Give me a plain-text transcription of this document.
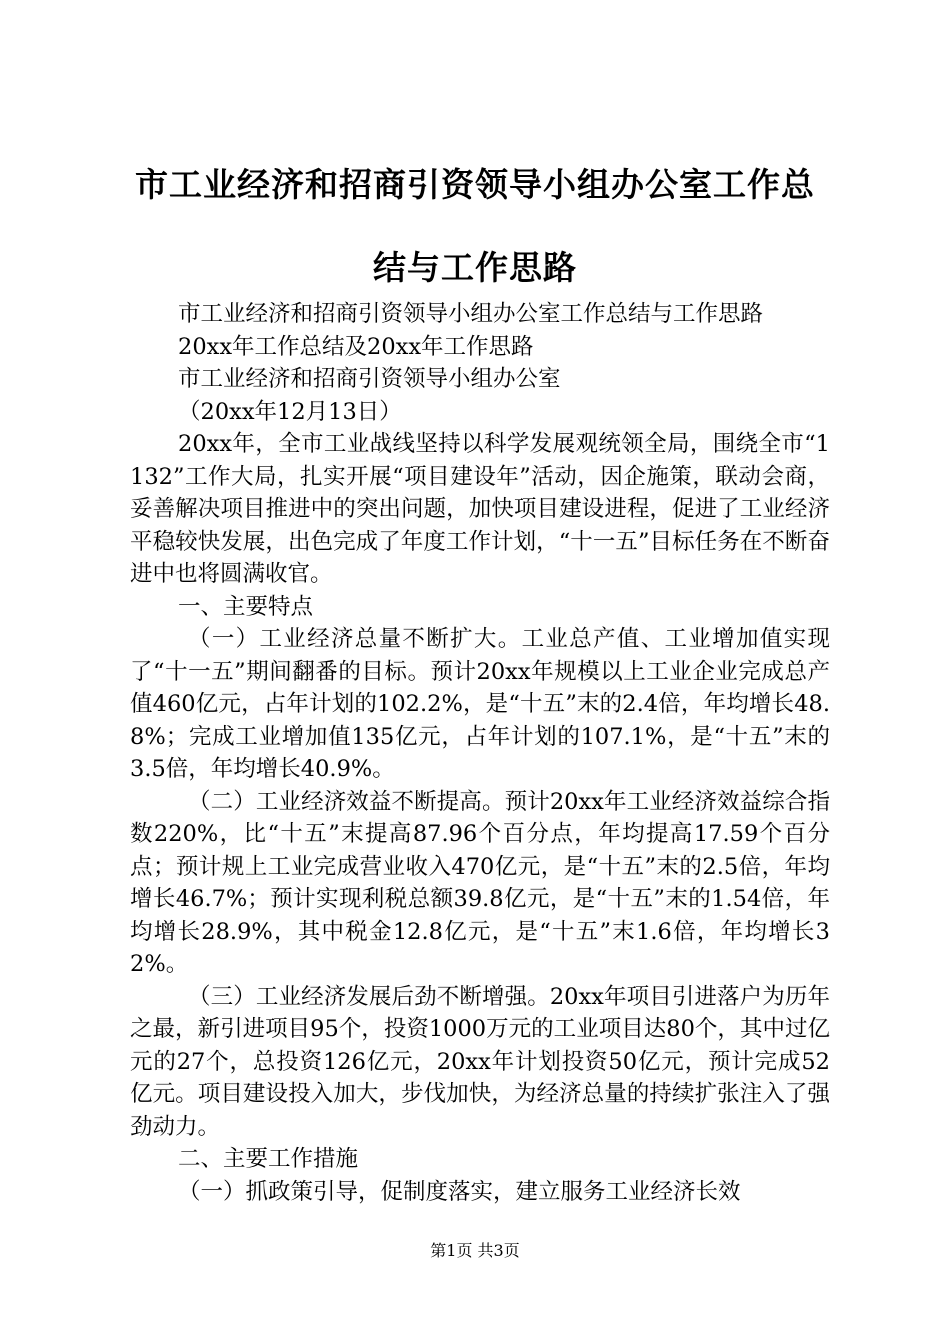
市工业经济和招商引资领导小组办公室工作总
结与工作思路

市工业经济和招商引资领导小组办公室工作总结与工作思路

20xx年工作总结及20xx年工作思路

市工业经济和招商引资领导小组办公室

（20xx年12月13日）

20xx年，全市工业战线坚持以科学发展观统领全局，围绕全市“1132”工作大局，扎实开展“项目建设年”活动，因企施策，联动会商，妥善解决项目推进中的突出问题，加快项目建设进程，促进了工业经济平稳较快发展，出色完成了年度工作计划，“十一五”目标任务在不断奋进中也将圆满收官。

一、主要特点

（一）工业经济总量不断扩大。工业总产值、工业增加值实现了“十一五”期间翻番的目标。预计20xx年规模以上工业企业完成总产值460亿元，占年计划的102.2%，是“十五”末的2.4倍，年均增长48.8%；完成工业增加值135亿元，占年计划的107.1%，是“十五”末的3.5倍，年均增长40.9%。

（二）工业经济效益不断提高。预计20xx年工业经济效益综合指数220%，比“十五”末提高87.96个百分点，年均提高17.59个百分点；预计规上工业完成营业收入470亿元，是“十五”末的2.5倍，年均增长46.7%；预计实现利税总额39.8亿元，是“十五”末的1.54倍，年均增长28.9%，其中税金12.8亿元，是“十五”末1.6倍，年均增长32%。

（三）工业经济发展后劲不断增强。20xx年项目引进落户为历年之最，新引进项目95个，投资1000万元的工业项目达80个，其中过亿元的27个，总投资126亿元，20xx年计划投资50亿元，预计完成52亿元。项目建设投入加大，步伐加快，为经济总量的持续扩张注入了强劲动力。

二、主要工作措施

（一）抓政策引导，促制度落实，建立服务工业经济长效

第1页 共3页
